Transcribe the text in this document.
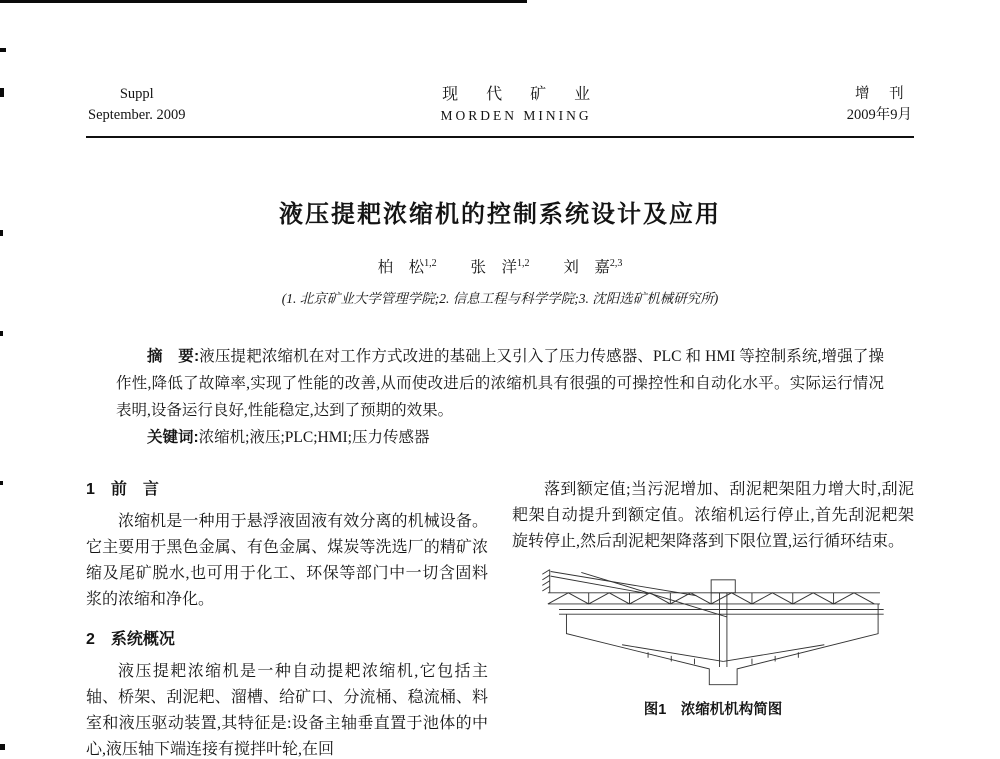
Suppl
September. 2009
现 代 矿 业
MORDEN MINING
增 刊
2009年9月
液压提耙浓缩机的控制系统设计及应用
柏　松$^{1,2}$ 张　洋$^{1,2}$ 刘　嘉$^{2,3}$
(1. 北京矿业大学管理学院;2. 信息工程与科学学院;3. 沈阳选矿机械研究所)

摘　要:液压提耙浓缩机在对工作方式改进的基础上又引入了压力传感器、PLC 和 HMI 等控制系统,增强了操作性,降低了故障率,实现了性能的改善,从而使改进后的浓缩机具有很强的可操控性和自动化水平。实际运行情况表明,设备运行良好,性能稳定,达到了预期的效果。

关键词:浓缩机;液压;PLC;HMI;压力传感器

1　前　言

浓缩机是一种用于悬浮液固液有效分离的机械设备。它主要用于黑色金属、有色金属、煤炭等洗选厂的精矿浓缩及尾矿脱水,也可用于化工、环保等部门中一切含固料浆的浓缩和净化。

2　系统概况

液压提耙浓缩机是一种自动提耙浓缩机,它包括主轴、桥架、刮泥耙、溜槽、给矿口、分流桶、稳流桶、料室和液压驱动装置,其特征是:设备主轴垂直置于池体的中心,液压轴下端连接有搅拌叶轮,在回

落到额定值;当污泥增加、刮泥耙架阻力增大时,刮泥耙架自动提升到额定值。浓缩机运行停止,首先刮泥耙架旋转停止,然后刮泥耙架降落到下限位置,运行循环结束。

图1　浓缩机机构简图
